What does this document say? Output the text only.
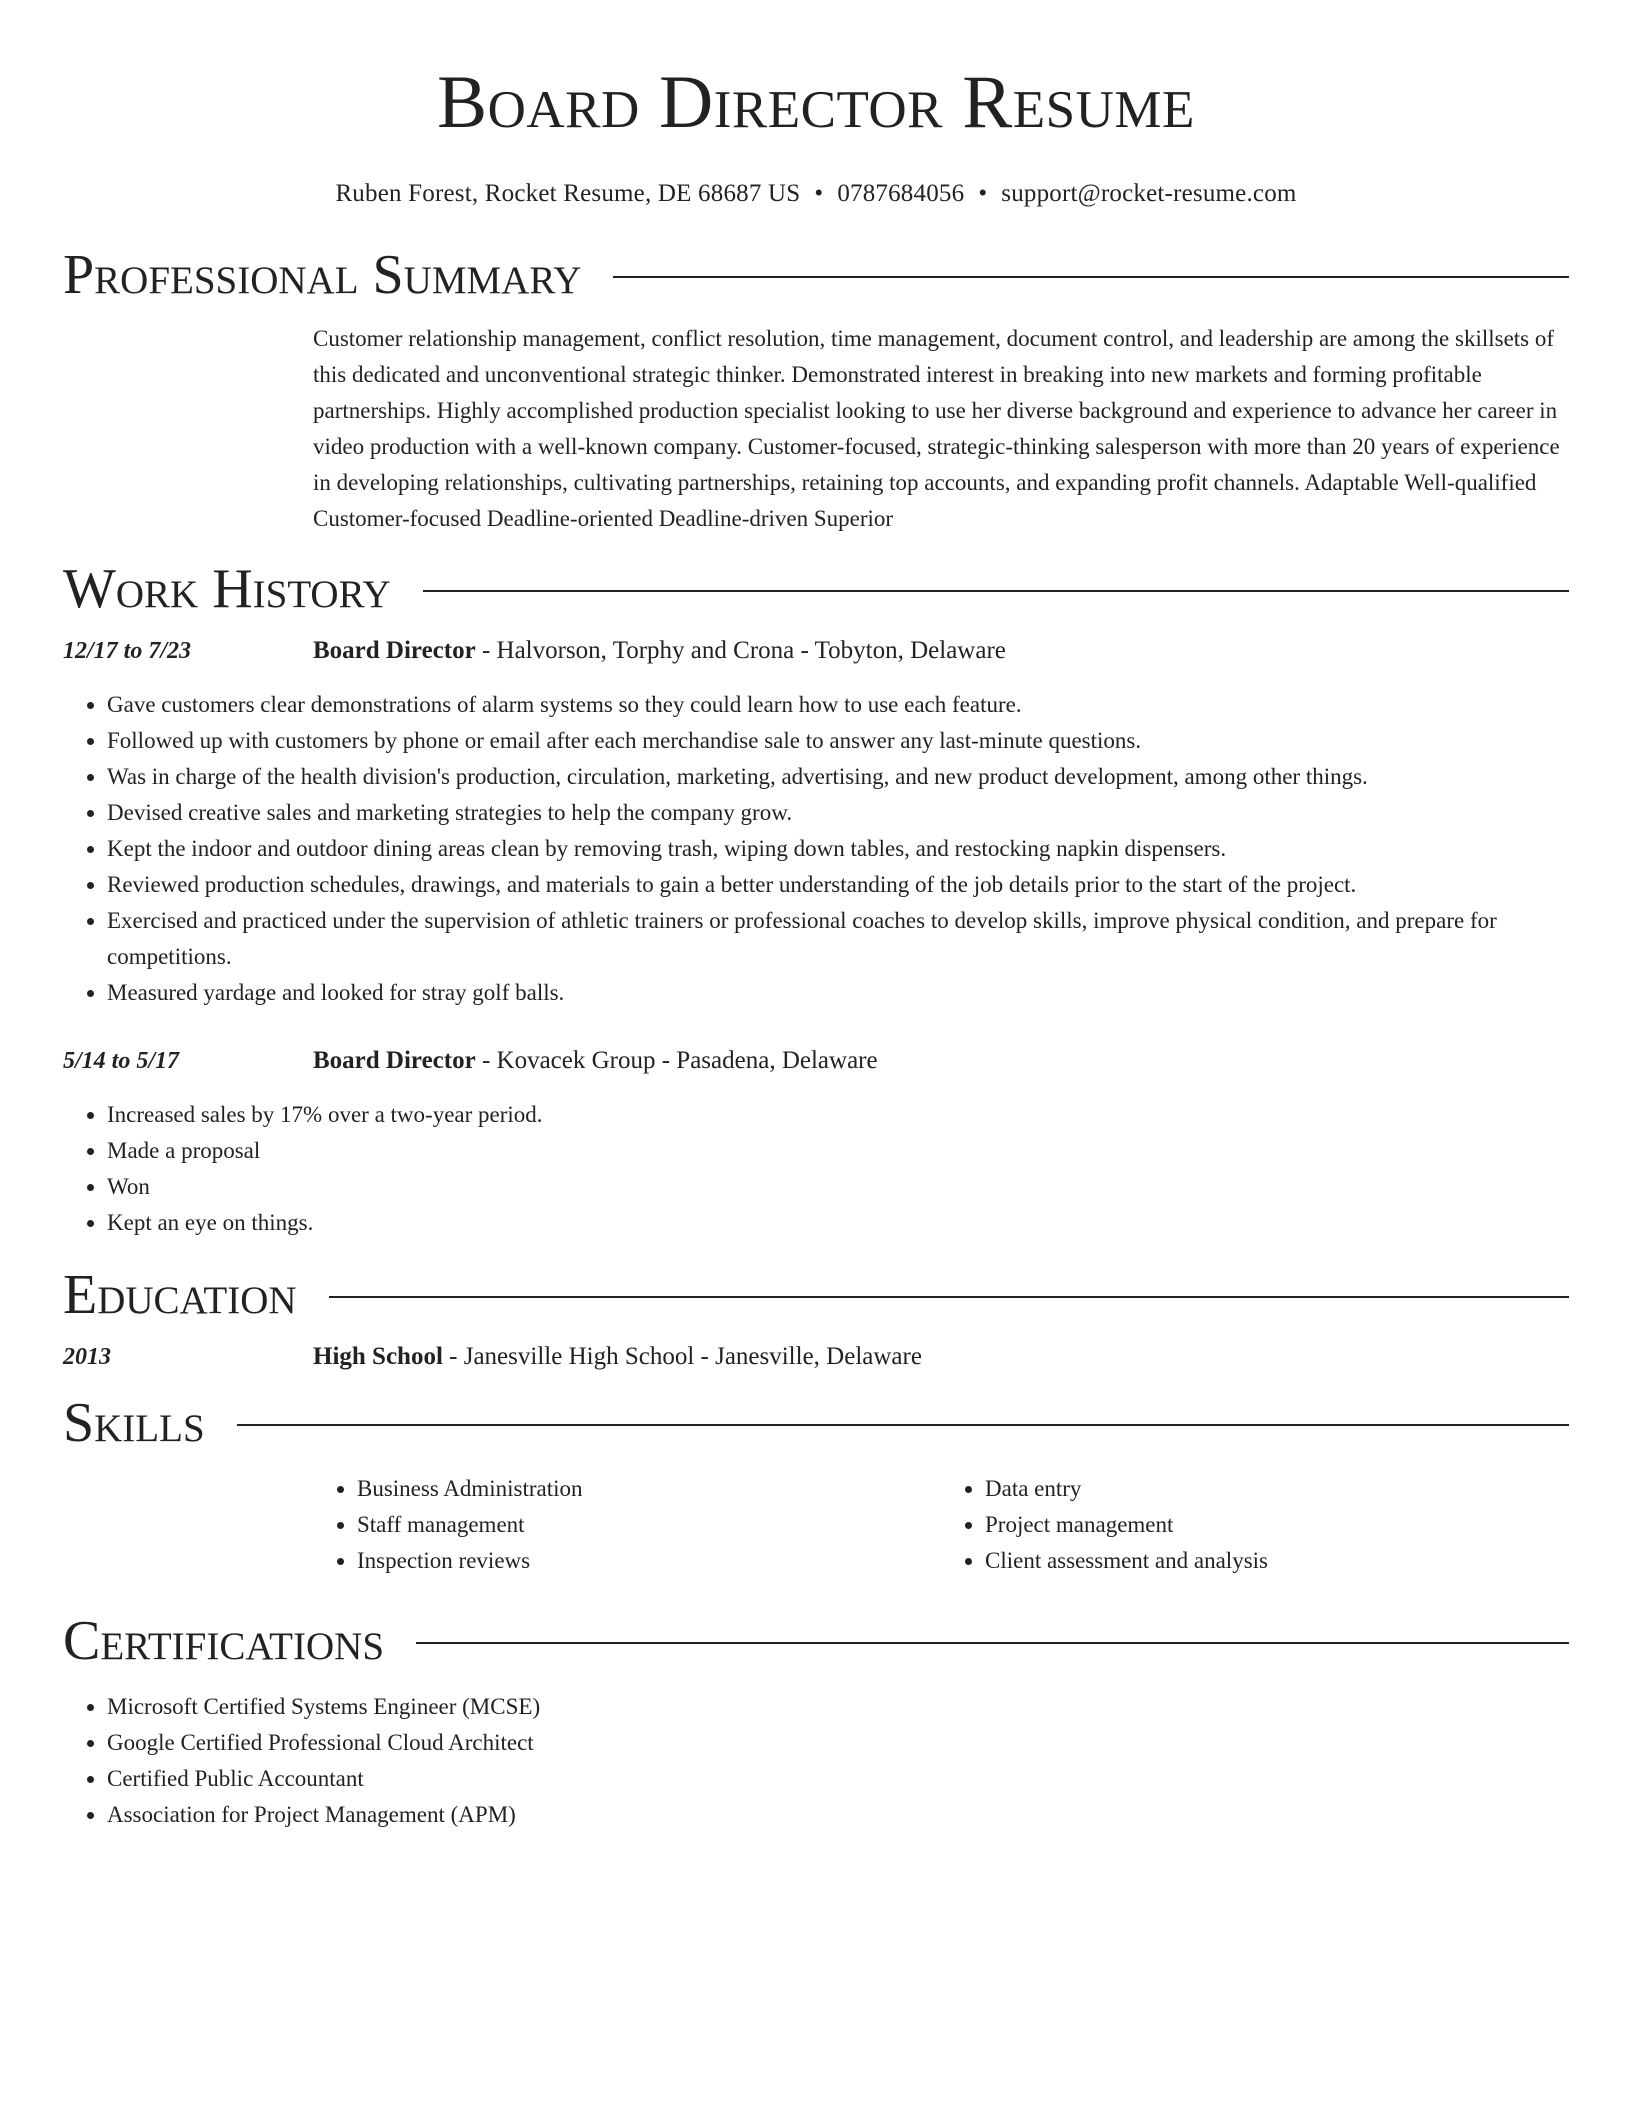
Board Director Resume
Ruben Forest, Rocket Resume, DE 68687 US • 0787684056 • support@rocket-resume.com
Professional Summary
Customer relationship management, conflict resolution, time management, document control, and leadership are among the skillsets of this dedicated and unconventional strategic thinker. Demonstrated interest in breaking into new markets and forming profitable partnerships. Highly accomplished production specialist looking to use her diverse background and experience to advance her career in video production with a well-known company. Customer-focused, strategic-thinking salesperson with more than 20 years of experience in developing relationships, cultivating partnerships, retaining top accounts, and expanding profit channels. Adaptable Well-qualified Customer-focused Deadline-oriented Deadline-driven Superior
Work History
12/17 to 7/23	Board Director - Halvorson, Torphy and Crona - Tobyton, Delaware
• Gave customers clear demonstrations of alarm systems so they could learn how to use each feature.
• Followed up with customers by phone or email after each merchandise sale to answer any last-minute questions.
• Was in charge of the health division's production, circulation, marketing, advertising, and new product development, among other things.
• Devised creative sales and marketing strategies to help the company grow.
• Kept the indoor and outdoor dining areas clean by removing trash, wiping down tables, and restocking napkin dispensers.
• Reviewed production schedules, drawings, and materials to gain a better understanding of the job details prior to the start of the project.
• Exercised and practiced under the supervision of athletic trainers or professional coaches to develop skills, improve physical condition, and prepare for competitions.
• Measured yardage and looked for stray golf balls.
5/14 to 5/17	Board Director - Kovacek Group - Pasadena, Delaware
• Increased sales by 17% over a two-year period.
• Made a proposal
• Won
• Kept an eye on things.
Education
2013	High School - Janesville High School - Janesville, Delaware
Skills
• Business Administration
• Staff management
• Inspection reviews
• Data entry
• Project management
• Client assessment and analysis
Certifications
• Microsoft Certified Systems Engineer (MCSE)
• Google Certified Professional Cloud Architect
• Certified Public Accountant
• Association for Project Management (APM)
